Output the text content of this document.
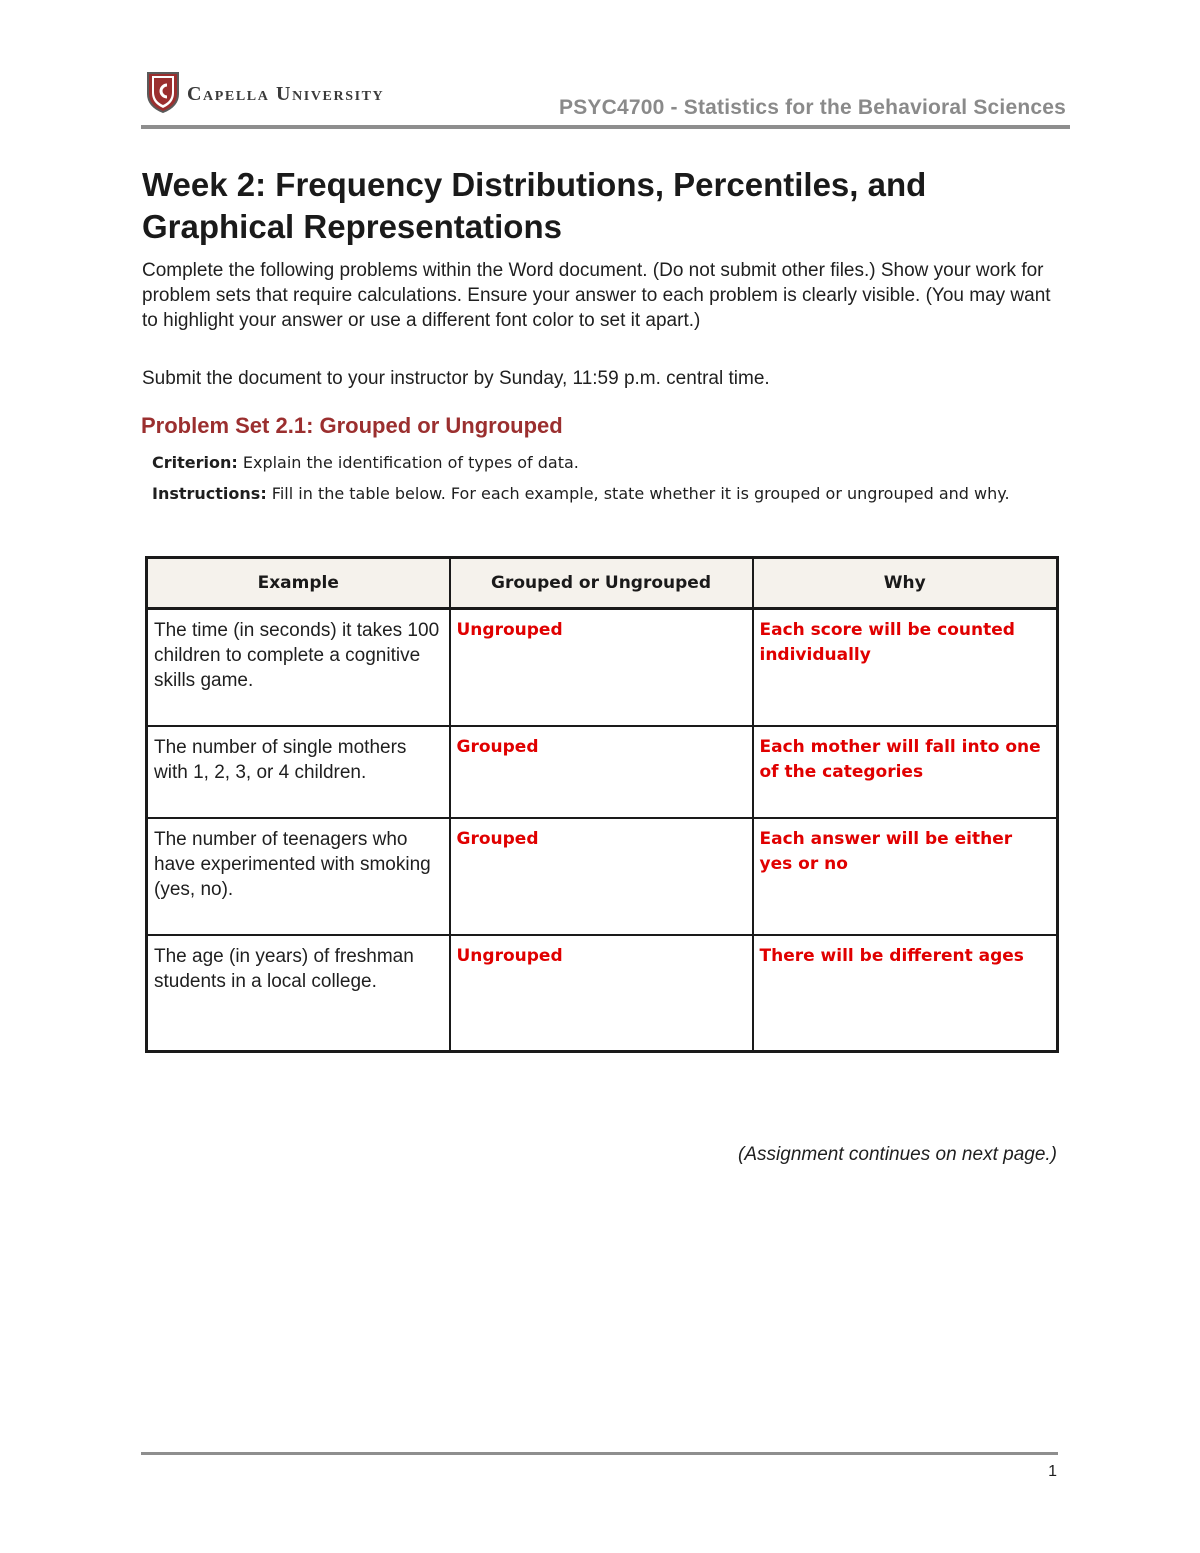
Capella University
PSYC4700 - Statistics for the Behavioral Sciences
Week 2: Frequency Distributions, Percentiles, and Graphical Representations

Complete the following problems within the Word document. (Do not submit other files.) Show your work for problem sets that require calculations. Ensure your answer to each problem is clearly visible. (You may want to highlight your answer or use a different font color to set it apart.)

Submit the document to your instructor by Sunday, 11:59 p.m. central time.

Problem Set 2.1: Grouped or Ungrouped

Criterion: Explain the identification of types of data.

Instructions: Fill in the table below. For each example, state whether it is grouped or ungrouped and why.

Example	Grouped or Ungrouped	Why
The time (in seconds) it takes 100 children to complete a cognitive skills game.	Ungrouped	Each score will be counted individually
The number of single mothers with 1, 2, 3, or 4 children.	Grouped	Each mother will fall into one of the categories
The number of teenagers who have experimented with smoking (yes, no).	Grouped	Each answer will be either yes or no
The age (in years) of freshman students in a local college.	Ungrouped	There will be different ages

(Assignment continues on next page.)

1
